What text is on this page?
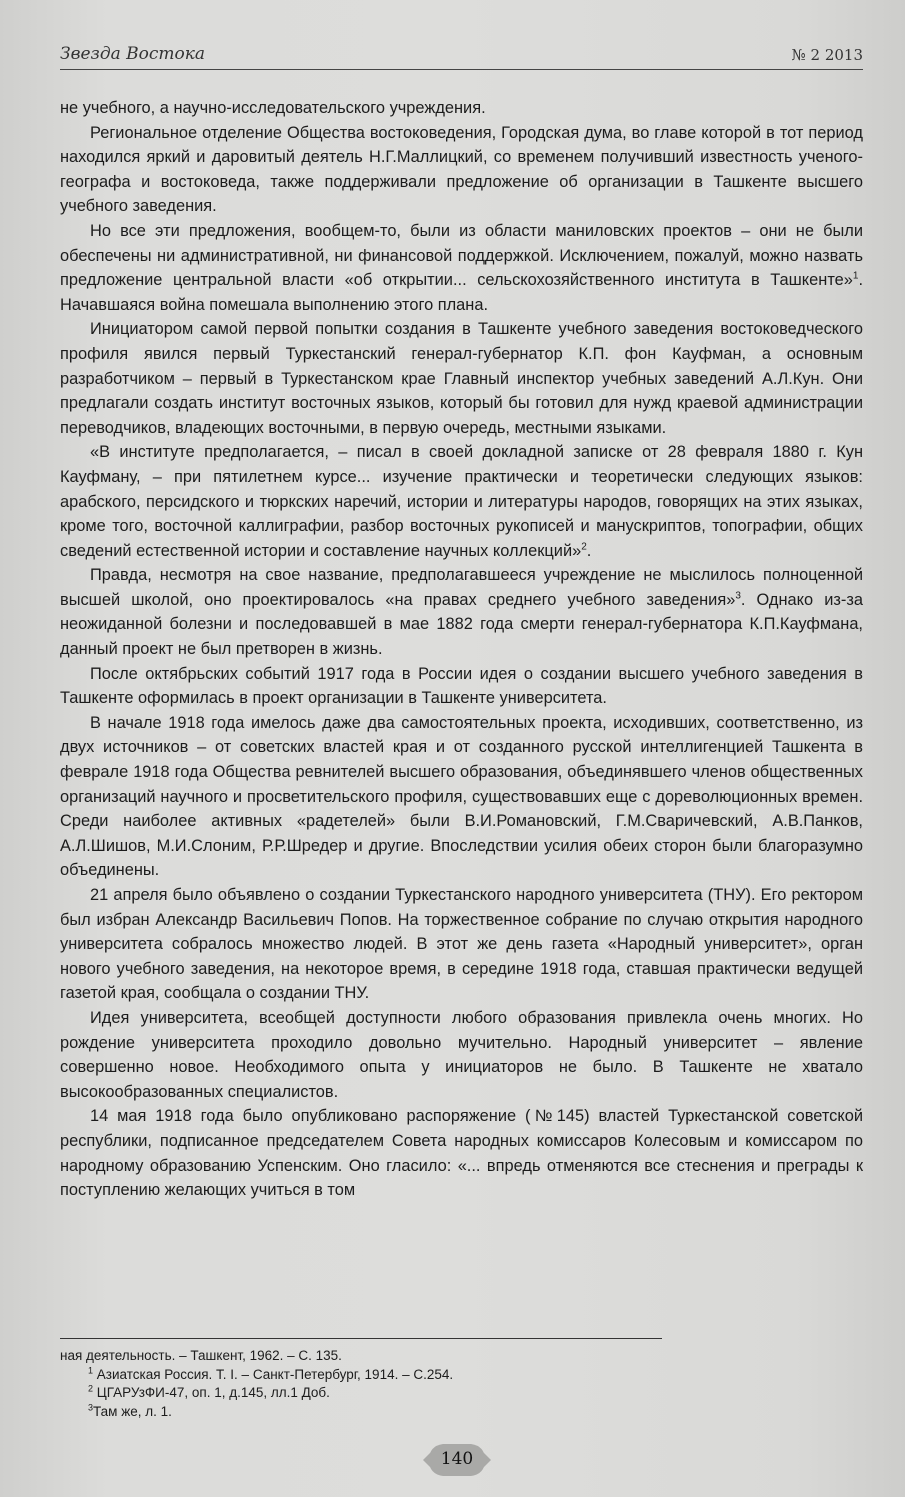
Звезда Востока	№ 2 2013

не учебного, а научно-исследовательского учреждения.

Региональное отделение Общества востоковедения, Городская дума, во главе которой в тот период находился яркий и даровитый деятель Н.Г.Маллицкий, со временем получивший известность ученого-географа и востоковеда, также поддерживали предложение об организации в Ташкенте высшего учебного заведения.

Но все эти предложения, вообщем-то, были из области маниловских проектов – они не были обеспечены ни административной, ни финансовой поддержкой. Исключением, пожалуй, можно назвать предложение центральной власти «об открытии... сельскохозяйственного института в Ташкенте»$^1$. Начавшаяся война помешала выполнению этого плана.

Инициатором самой первой попытки создания в Ташкенте учебного заведения востоковедческого профиля явился первый Туркестанский генерал-губернатор К.П. фон Кауфман, а основным разработчиком – первый в Туркестанском крае Главный инспектор учебных заведений А.Л.Кун. Они предлагали создать институт восточных языков, который бы готовил для нужд краевой администрации переводчиков, владеющих восточными, в первую очередь, местными языками.

«В институте предполагается, – писал в своей докладной записке от 28 февраля 1880 г. Кун Кауфману, – при пятилетнем курсе... изучение практически и теоретически следующих языков: арабского, персидского и тюркских наречий, истории и литературы народов, говорящих на этих языках, кроме того, восточной каллиграфии, разбор восточных рукописей и манускриптов, топографии, общих сведений естественной истории и составление научных коллекций»$^2$.

Правда, несмотря на свое название, предполагавшееся учреждение не мыслилось полноценной высшей школой, оно проектировалось «на правах среднего учебного заведения»$^3$. Однако из-за неожиданной болезни и последовавшей в мае 1882 года смерти генерал-губернатора К.П.Кауфмана, данный проект не был претворен в жизнь.

После октябрьских событий 1917 года в России идея о создании высшего учебного заведения в Ташкенте оформилась в проект организации в Ташкенте университета.

В начале 1918 года имелось даже два самостоятельных проекта, исходивших, соответственно, из двух источников – от советских властей края и от созданного русской интеллигенцией Ташкента в феврале 1918 года Общества ревнителей высшего образования, объединявшего членов общественных организаций научного и просветительского профиля, существовавших еще с дореволюционных времен. Среди наиболее активных «радетелей» были В.И.Романовский, Г.М.Сваричевский, А.В.Панков, А.Л.Шишов, М.И.Слоним, Р.Р.Шредер и другие. Впоследствии усилия обеих сторон были благоразумно объединены.

21 апреля было объявлено о создании Туркестанского народного университета (ТНУ). Его ректором был избран Александр Васильевич Попов. На торжественное собрание по случаю открытия народного университета собралось множество людей. В этот же день газета «Народный университет», орган нового учебного заведения, на некоторое время, в середине 1918 года, ставшая практически ведущей газетой края, сообщала о создании ТНУ.

Идея университета, всеобщей доступности любого образования привлекла очень многих. Но рождение университета проходило довольно мучительно. Народный университет – явление совершенно новое. Необходимого опыта у инициаторов не было. В Ташкенте не хватало высокообразованных специалистов.

14 мая 1918 года было опубликовано распоряжение (№145) властей Туркестанской советской республики, подписанное председателем Совета народных комиссаров Колесовым и комиссаром по народному образованию Успенским. Оно гласило: «... впредь отменяются все стеснения и преграды к поступлению желающих учиться в том

ная деятельность. – Ташкент, 1962. – С. 135.
$^1$ Азиатская Россия. Т. I. – Санкт-Петербург, 1914. – С.254.
$^2$ ЦГАРУзФИ-47, оп. 1, д.145, лл.1 Доб.
$^3$Там же, л. 1.
140
